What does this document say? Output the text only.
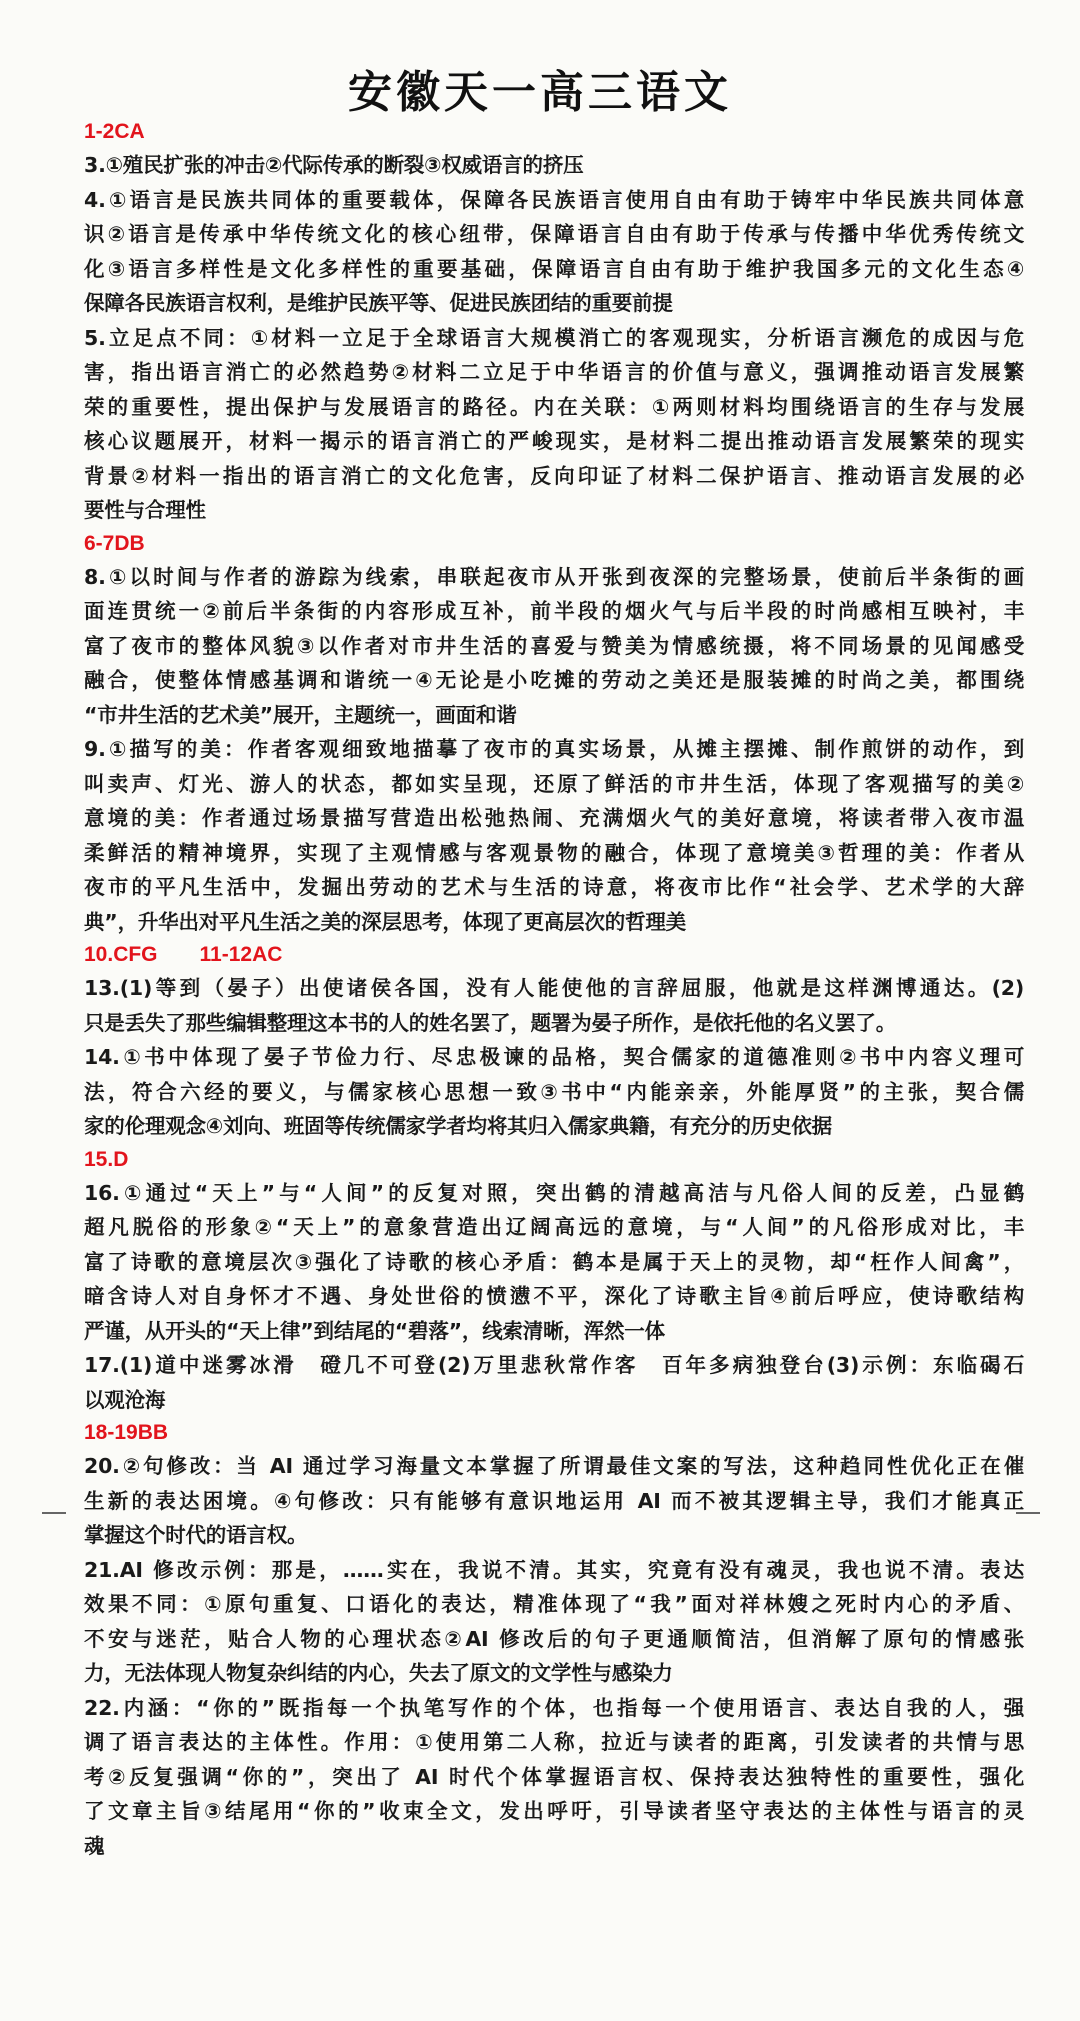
安徽天一高三语文
1-2CA
3.①殖民扩张的冲击②代际传承的断裂③权威语言的挤压
4.①语言是民族共同体的重要载体，保障各民族语言使用自由有助于铸牢中华民族共同体意
识②语言是传承中华传统文化的核心纽带，保障语言自由有助于传承与传播中华优秀传统文
化③语言多样性是文化多样性的重要基础，保障语言自由有助于维护我国多元的文化生态④
保障各民族语言权利，是维护民族平等、促进民族团结的重要前提
5.立足点不同：①材料一立足于全球语言大规模消亡的客观现实，分析语言濒危的成因与危
害，指出语言消亡的必然趋势②材料二立足于中华语言的价值与意义，强调推动语言发展繁
荣的重要性，提出保护与发展语言的路径。内在关联：①两则材料均围绕语言的生存与发展
核心议题展开，材料一揭示的语言消亡的严峻现实，是材料二提出推动语言发展繁荣的现实
背景②材料一指出的语言消亡的文化危害，反向印证了材料二保护语言、推动语言发展的必
要性与合理性
6-7DB
8.①以时间与作者的游踪为线索，串联起夜市从开张到夜深的完整场景，使前后半条街的画
面连贯统一②前后半条街的内容形成互补，前半段的烟火气与后半段的时尚感相互映衬，丰
富了夜市的整体风貌③以作者对市井生活的喜爱与赞美为情感统摄，将不同场景的见闻感受
融合，使整体情感基调和谐统一④无论是小吃摊的劳动之美还是服装摊的时尚之美，都围绕
“市井生活的艺术美”展开，主题统一，画面和谐
9.①描写的美：作者客观细致地描摹了夜市的真实场景，从摊主摆摊、制作煎饼的动作，到
叫卖声、灯光、游人的状态，都如实呈现，还原了鲜活的市井生活，体现了客观描写的美②
意境的美：作者通过场景描写营造出松弛热闹、充满烟火气的美好意境，将读者带入夜市温
柔鲜活的精神境界，实现了主观情感与客观景物的融合，体现了意境美③哲理的美：作者从
夜市的平凡生活中，发掘出劳动的艺术与生活的诗意，将夜市比作“社会学、艺术学的大辞
典”，升华出对平凡生活之美的深层思考，体现了更高层次的哲理美
10.CFG 11-12AC
13.(1)等到（晏子）出使诸侯各国，没有人能使他的言辞屈服，他就是这样渊博通达。(2)
只是丢失了那些编辑整理这本书的人的姓名罢了，题署为晏子所作，是依托他的名义罢了。
14.①书中体现了晏子节俭力行、尽忠极谏的品格，契合儒家的道德准则②书中内容义理可
法，符合六经的要义，与儒家核心思想一致③书中“内能亲亲，外能厚贤”的主张，契合儒
家的伦理观念④刘向、班固等传统儒家学者均将其归入儒家典籍，有充分的历史依据
15.D
16.①通过“天上”与“人间”的反复对照，突出鹤的清越高洁与凡俗人间的反差，凸显鹤
超凡脱俗的形象②“天上”的意象营造出辽阔高远的意境，与“人间”的凡俗形成对比，丰
富了诗歌的意境层次③强化了诗歌的核心矛盾：鹤本是属于天上的灵物，却“枉作人间禽”，
暗含诗人对自身怀才不遇、身处世俗的愤懑不平，深化了诗歌主旨④前后呼应，使诗歌结构
严谨，从开头的“天上律”到结尾的“碧落”，线索清晰，浑然一体
17.(1)道中迷雾冰滑　磴几不可登(2)万里悲秋常作客　百年多病独登台(3)示例：东临碣石
以观沧海
18-19BB
20.②句修改：当 AI 通过学习海量文本掌握了所谓最佳文案的写法，这种趋同性优化正在催
生新的表达困境。④句修改：只有能够有意识地运用 AI 而不被其逻辑主导，我们才能真正
掌握这个时代的语言权。
21.AI 修改示例：那是，……实在，我说不清。其实，究竟有没有魂灵，我也说不清。表达
效果不同：①原句重复、口语化的表达，精准体现了“我”面对祥林嫂之死时内心的矛盾、
不安与迷茫，贴合人物的心理状态②AI 修改后的句子更通顺简洁，但消解了原句的情感张
力，无法体现人物复杂纠结的内心，失去了原文的文学性与感染力
22.内涵：“你的”既指每一个执笔写作的个体，也指每一个使用语言、表达自我的人，强
调了语言表达的主体性。作用：①使用第二人称，拉近与读者的距离，引发读者的共情与思
考②反复强调“你的”，突出了 AI 时代个体掌握语言权、保持表达独特性的重要性，强化
了文章主旨③结尾用“你的”收束全文，发出呼吁，引导读者坚守表达的主体性与语言的灵
魂
